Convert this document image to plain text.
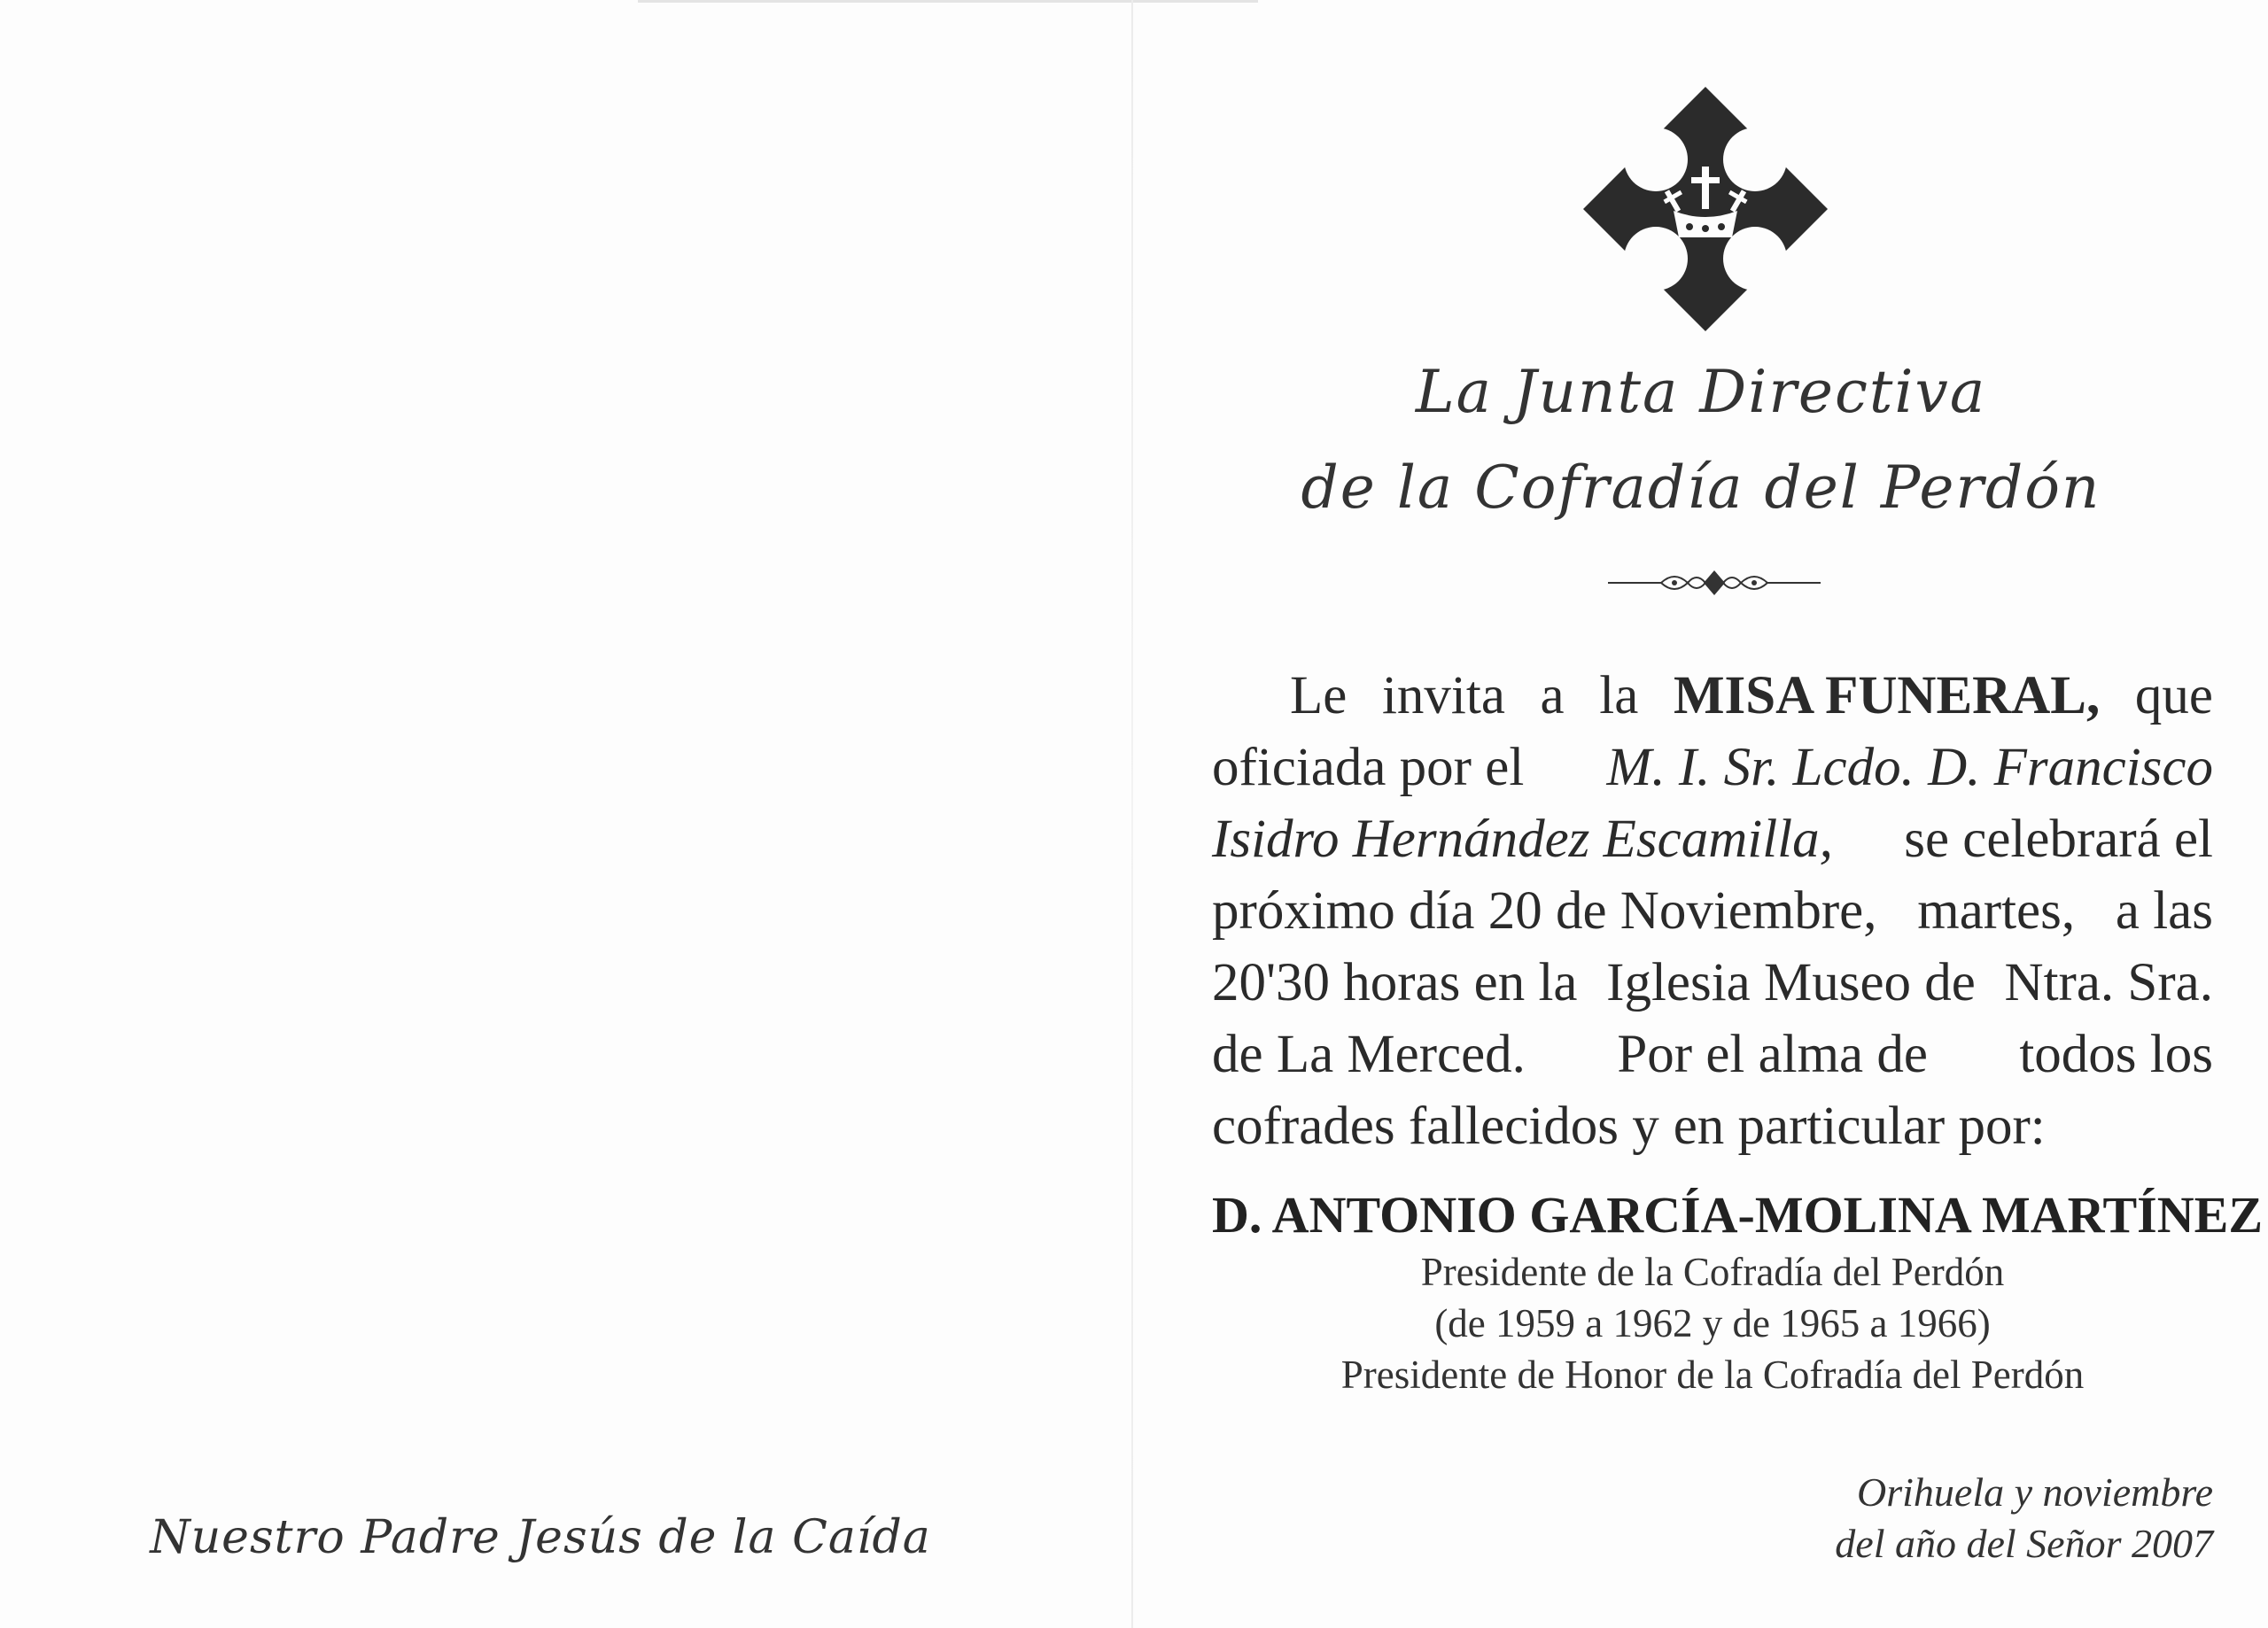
Nuestro Padre Jesús de la Caída
La Junta Directiva
de la Cofradía del Perdón
Le invita a la MISA FUNERAL, que
oficiada por el M. I. Sr. Lcdo. D. Francisco
Isidro Hernández Escamilla, se celebrará el
próximo día 20 de Noviembre, martes, a las
20'30 horas en la Iglesia Museo de Ntra. Sra.
de La Merced. Por el alma de todos los
cofrades fallecidos y en particular por:
D. ANTONIO GARCÍA-MOLINA MARTÍNEZ
Presidente de la Cofradía del Perdón
(de 1959 a 1962 y de 1965 a 1966)
Presidente de Honor de la Cofradía del Perdón
Orihuela y noviembre
del año del Señor 2007
